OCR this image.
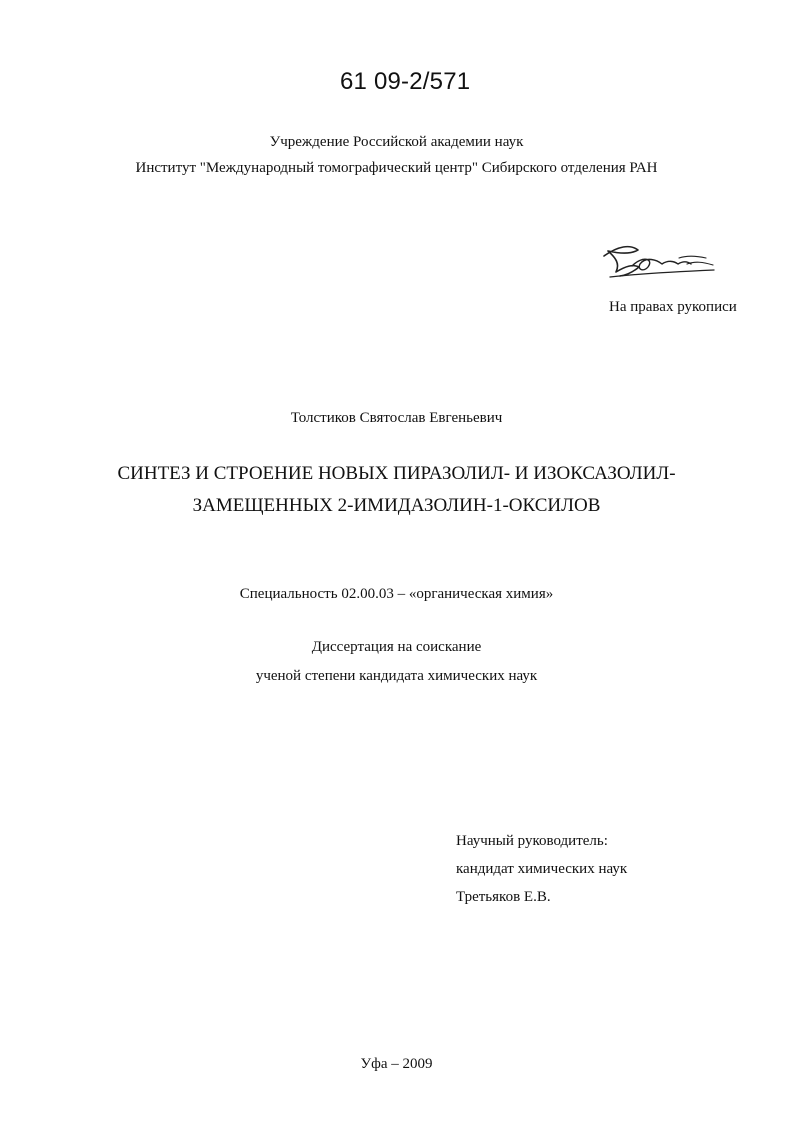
61 09-2/571
Учреждение Российской академии наук
Институт "Международный томографический центр" Сибирского отделения РАН
На правах рукописи
Толстиков Святослав Евгеньевич
СИНТЕЗ И СТРОЕНИЕ НОВЫХ ПИРАЗОЛИЛ- И ИЗОКСАЗОЛИЛ-
ЗАМЕЩЕННЫХ 2-ИМИДАЗОЛИН-1-ОКСИЛОВ
Специальность 02.00.03 – «органическая химия»
Диссертация на соискание
ученой степени кандидата химических наук
Научный руководитель:
кандидат химических наук
Третьяков Е.В.
Уфа – 2009
